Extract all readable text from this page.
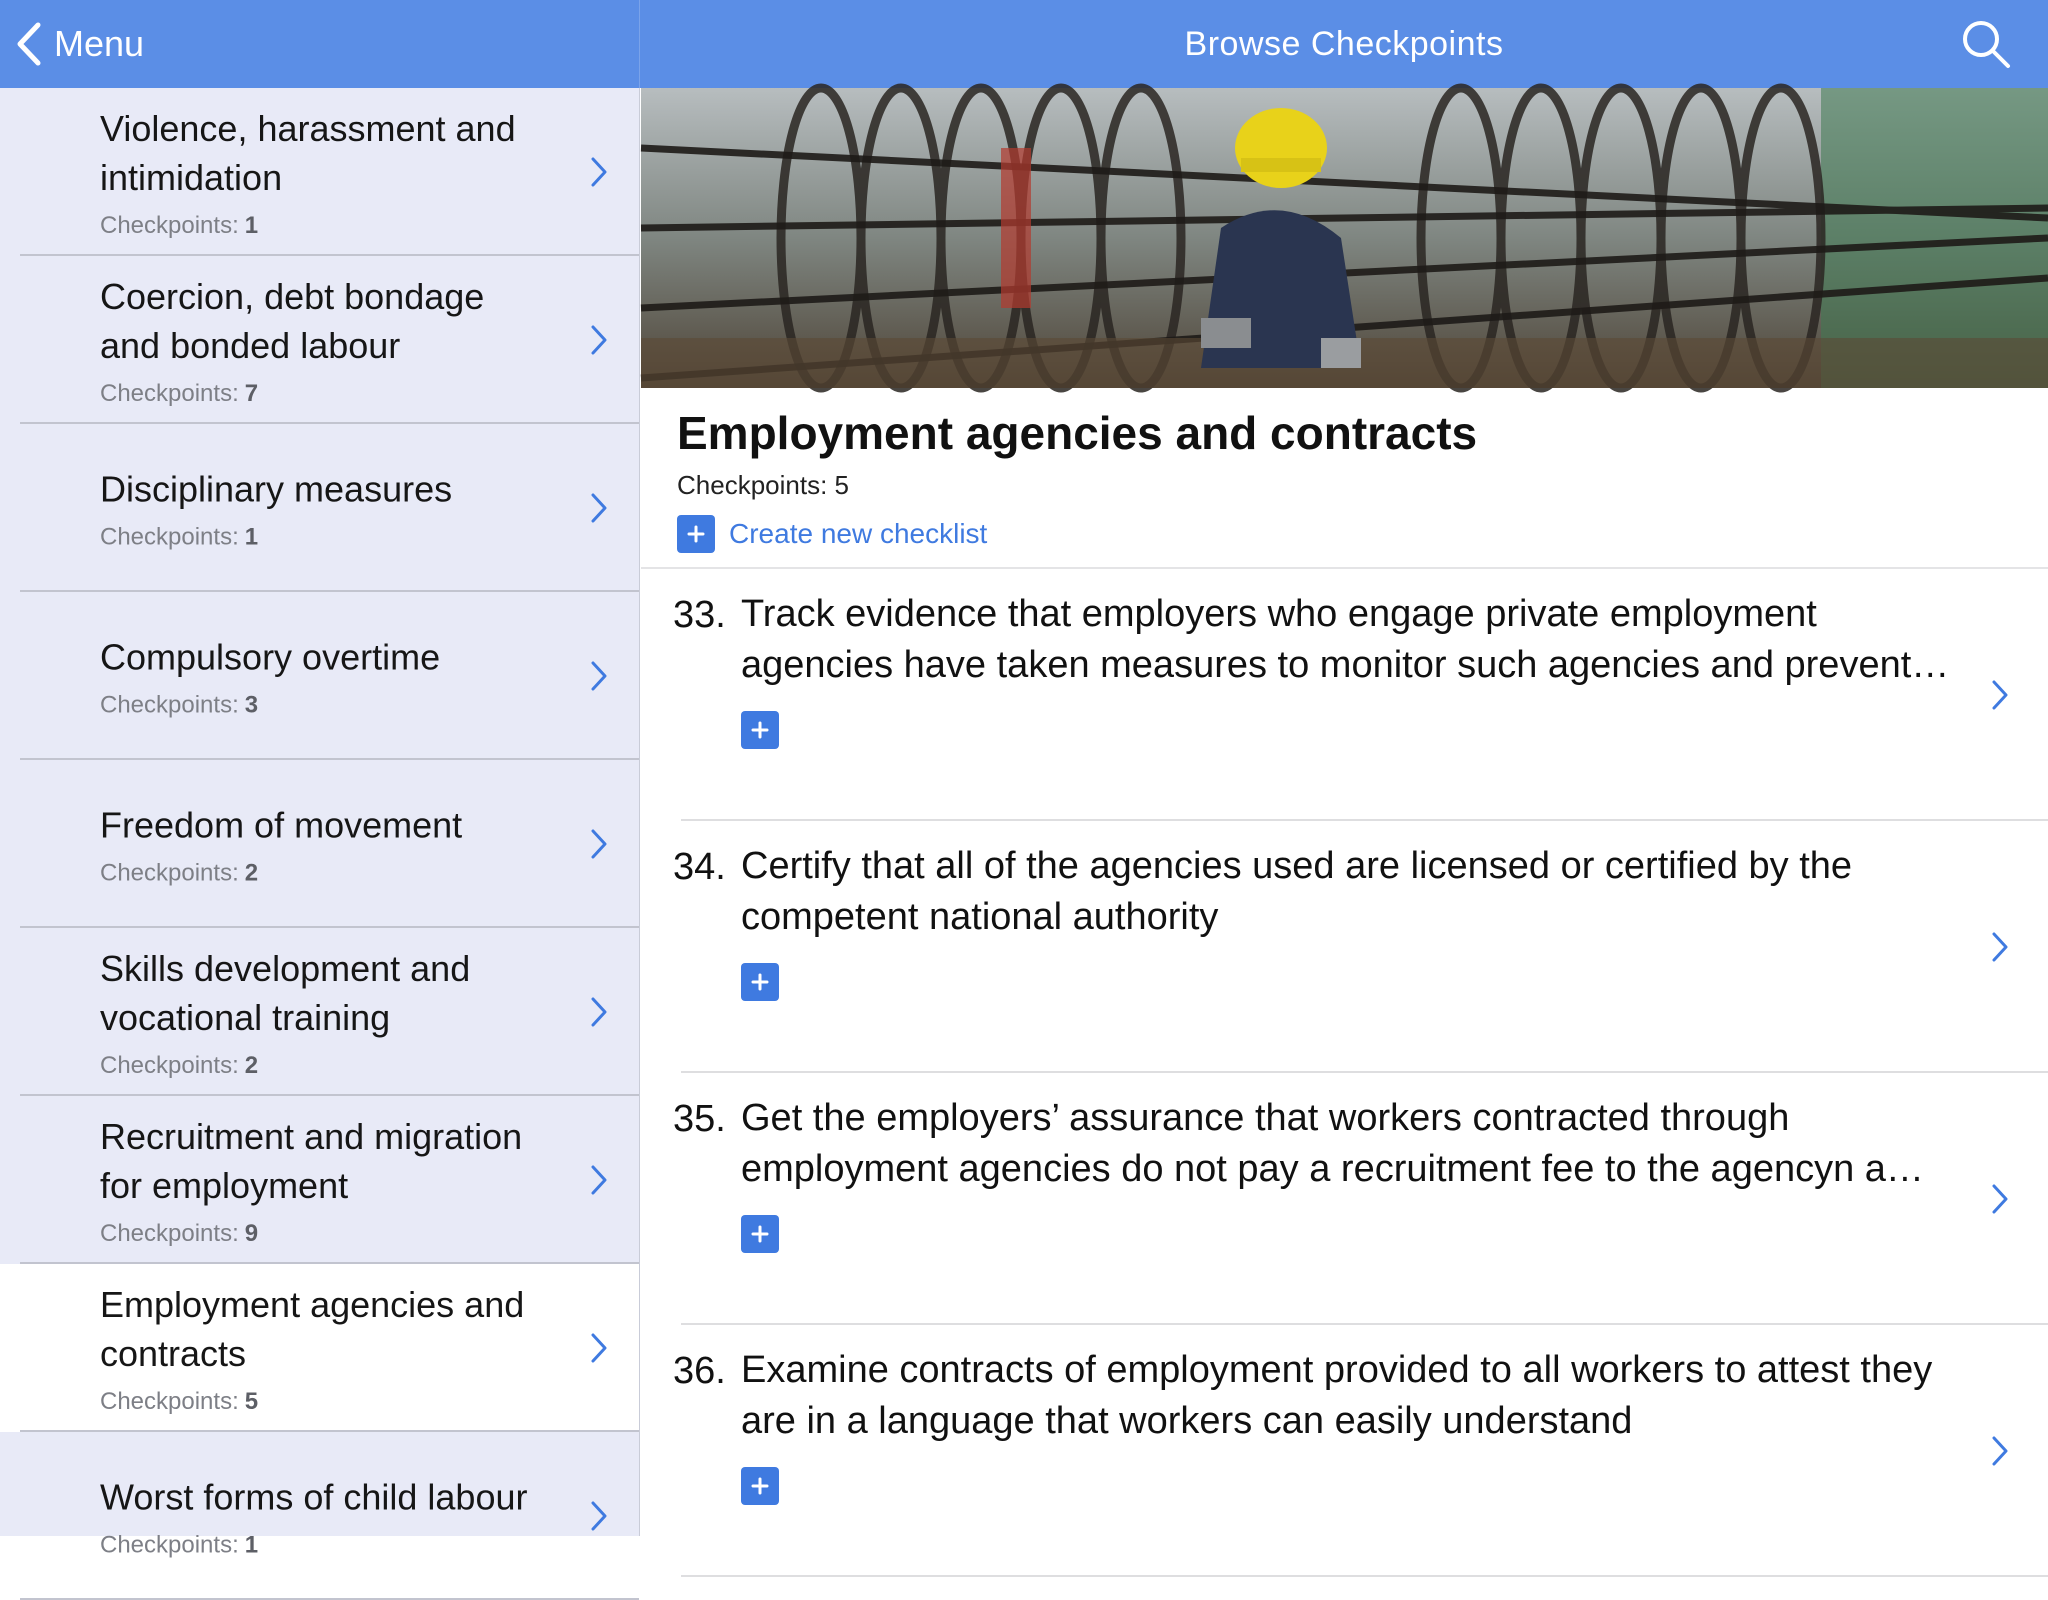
Menu	Browse Checkpoints
Violence, harassment and intimidation
Checkpoints: 1
Coercion, debt bondage and bonded labour
Checkpoints: 7
Disciplinary measures
Checkpoints: 1
Compulsory overtime
Checkpoints: 3
Freedom of movement
Checkpoints: 2
Skills development and vocational training
Checkpoints: 2
Recruitment and migration for employment
Checkpoints: 9
Employment agencies and contracts
Checkpoints: 5
Worst forms of child labour
Checkpoints: 1
Employment agencies and contracts
Checkpoints: 5
Create new checklist
33. Track evidence that employers who engage private employment agencies have taken measures to monitor such agencies and prevent…
34. Certify that all of the agencies used are licensed or certified by the competent national authority
35. Get the employers’ assurance that workers contracted through employment agencies do not pay a recruitment fee to the agencyn a…
36. Examine contracts of employment provided to all workers to attest they are in a language that workers can easily understand
